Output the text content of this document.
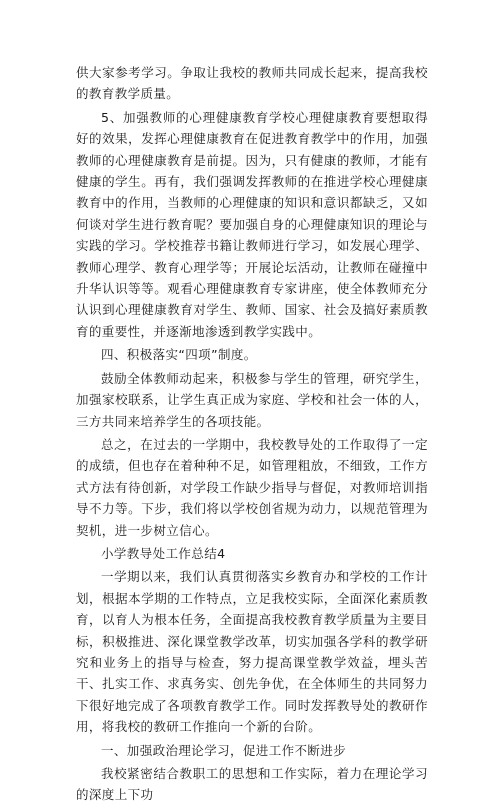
供大家参考学习。争取让我校的教师共同成长起来，提高我校的教育教学质量。

5、加强教师的心理健康教育学校心理健康教育要想取得好的效果，发挥心理健康教育在促进教育教学中的作用，加强教师的心理健康教育是前提。因为，只有健康的教师，才能有健康的学生。再有，我们强调发挥教师的在推进学校心理健康教育中的作用，当教师的心理健康的知识和意识都缺乏，又如何谈对学生进行教育呢？要加强自身的心理健康知识的理论与实践的学习。学校推荐书籍让教师进行学习，如发展心理学、教师心理学、教育心理学等；开展论坛活动，让教师在碰撞中升华认识等等。观看心理健康教育专家讲座，使全体教师充分认识到心理健康教育对学生、教师、国家、社会及搞好素质教育的重要性，并逐渐地渗透到教学实践中。

四、积极落实“四项”制度。

鼓励全体教师动起来，积极参与学生的管理，研究学生，加强家校联系，让学生真正成为家庭、学校和社会一体的人，三方共同来培养学生的各项技能。

总之，在过去的一学期中，我校教导处的工作取得了一定的成绩，但也存在着种种不足，如管理粗放，不细致，工作方式方法有待创新，对学段工作缺少指导与督促，对教师培训指导不力等。下步，我们将以学校创省规为动力，以规范管理为契机，进一步树立信心。

小学教导处工作总结4

一学期以来，我们认真贯彻落实乡教育办和学校的工作计划，根据本学期的工作特点，立足我校实际，全面深化素质教育，以育人为根本任务，全面提高我校教育教学质量为主要目标，积极推进、深化课堂教学改革，切实加强各学科的教学研究和业务上的指导与检查，努力提高课堂教学效益，埋头苦干、扎实工作、求真务实、创先争优，在全体师生的共同努力下很好地完成了各项教育教学工作。同时发挥教导处的教研作用，将我校的教研工作推向一个新的台阶。

一、加强政治理论学习，促进工作不断进步

我校紧密结合教职工的思想和工作实际，着力在理论学习的深度上下功
